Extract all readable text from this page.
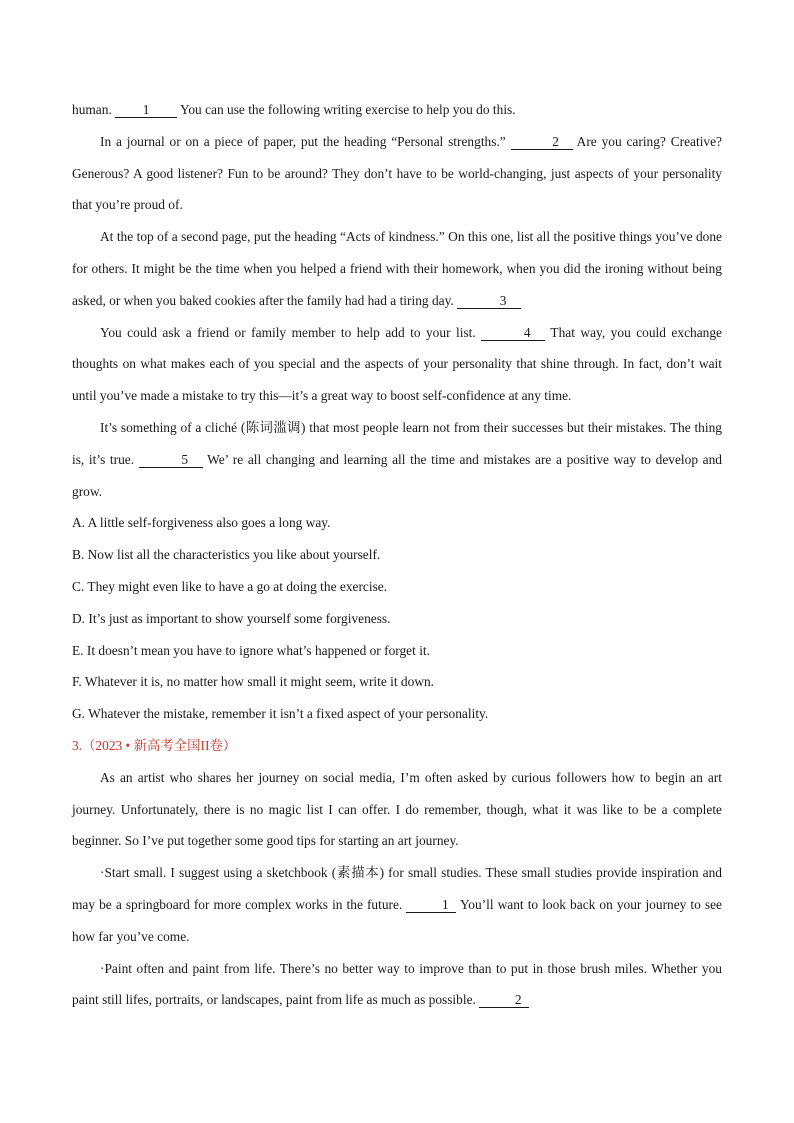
human. 1 You can use the following writing exercise to help you do this.

In a journal or on a piece of paper, put the heading “Personal strengths.”	2 Are you caring? Creative? Generous? A good listener? Fun to be around? They don’t have to be world-changing, just aspects of your personality that you’re proud of.

At the top of a second page, put the heading “Acts of kindness.” On this one, list all the positive things you’ve done for others. It might be the time when you helped a friend with their homework, when you did the ironing without being asked, or when you baked cookies after the family had had a tiring day.	3

You could ask a friend or family member to help add to your list.	4 That way, you could exchange thoughts on what makes each of you special and the aspects of your personality that shine through. In fact, don’t wait until you’ve made a mistake to try this—it’s a great way to boost self-confidence at any time.

It’s something of a cliché (陈词滥调) that most people learn not from their successes but their mistakes. The thing is, it’s true.	5 We’ re all changing and learning all the time and mistakes are a positive way to develop and grow.

A. A little self-forgiveness also goes a long way.

B. Now list all the characteristics you like about yourself.

C. They might even like to have a go at doing the exercise.

D. It’s just as important to show yourself some forgiveness.

E. It doesn’t mean you have to ignore what’s happened or forget it.

F. Whatever it is, no matter how small it might seem, write it down.

G. Whatever the mistake, remember it isn’t a fixed aspect of your personality.

3.（2023 • 新高考全国II卷）

As an artist who shares her journey on social media, I’m often asked by curious followers how to begin an art journey. Unfortunately, there is no magic list I can offer. I do remember, though, what it was like to be a complete beginner. So I’ve put together some good tips for starting an art journey.

·Start small. I suggest using a sketchbook (素描本) for small studies. These small studies provide inspiration and may be a springboard for more complex works in the future.	1 You’ll want to look back on your journey to see how far you’ve come.

·Paint often and paint from life. There’s no better way to improve than to put in those brush miles. Whether you paint still lifes, portraits, or landscapes, paint from life as much as possible.	2
